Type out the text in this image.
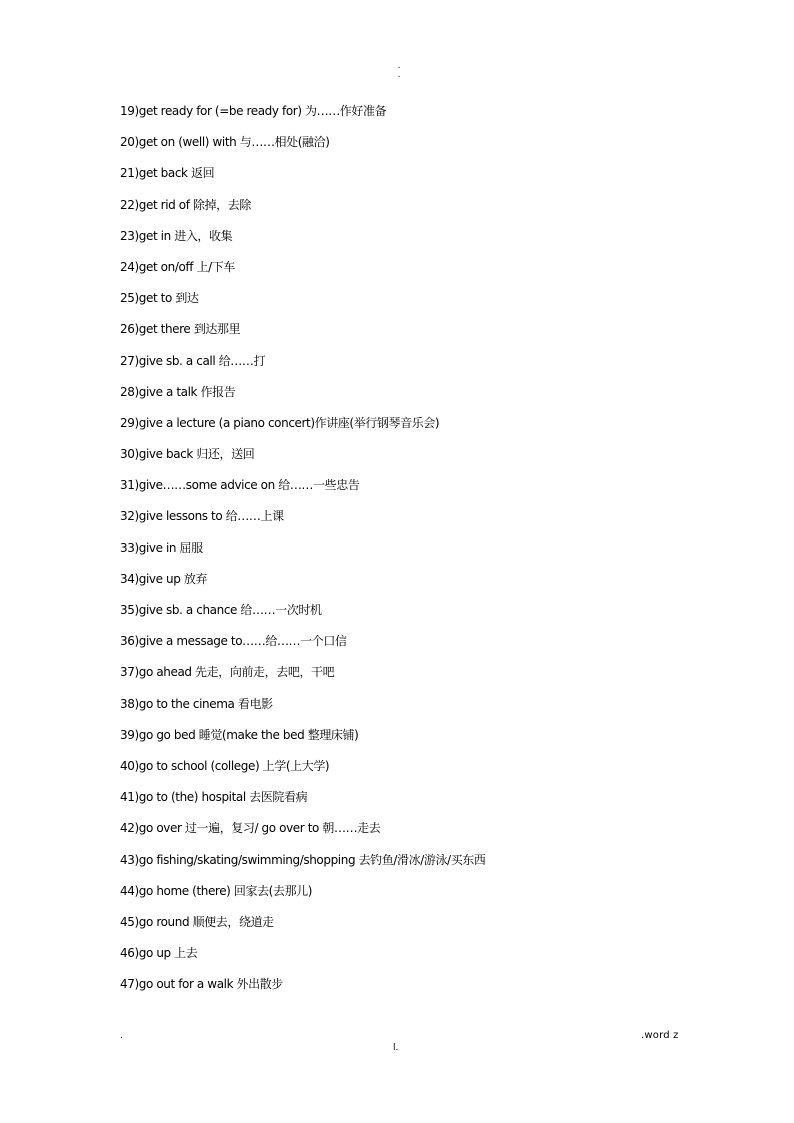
.
.
19)get ready for (=be ready for) 为……作好准备
20)get on (well) with 与……相处(融洽)
21)get back 返回
22)get rid of 除掉，去除
23)get in 进入，收集
24)get on/off 上/下车
25)get to 到达
26)get there 到达那里
27)give sb. a call 给……打
28)give a talk 作报告
29)give a lecture (a piano concert)作讲座(举行钢琴音乐会)
30)give back 归还，送回
31)give……some advice on 给……一些忠告
32)give lessons to 给……上课
33)give in 屈服
34)give up 放弃
35)give sb. a chance 给……一次时机
36)give a message to……给……一个口信
37)go ahead 先走，向前走，去吧，干吧
38)go to the cinema 看电影
39)go go bed 睡觉(make the bed 整理床铺)
40)go to school (college) 上学(上大学)
41)go to (the) hospital 去医院看病
42)go over 过一遍，复习/ go over to 朝……走去
43)go fishing/skating/swimming/shopping 去钓鱼/滑冰/游泳/买东西
44)go home (there) 回家去(去那儿)
45)go round 顺便去，绕道走
46)go up 上去
47)go out for a walk 外出散步
.	.word z
l.
